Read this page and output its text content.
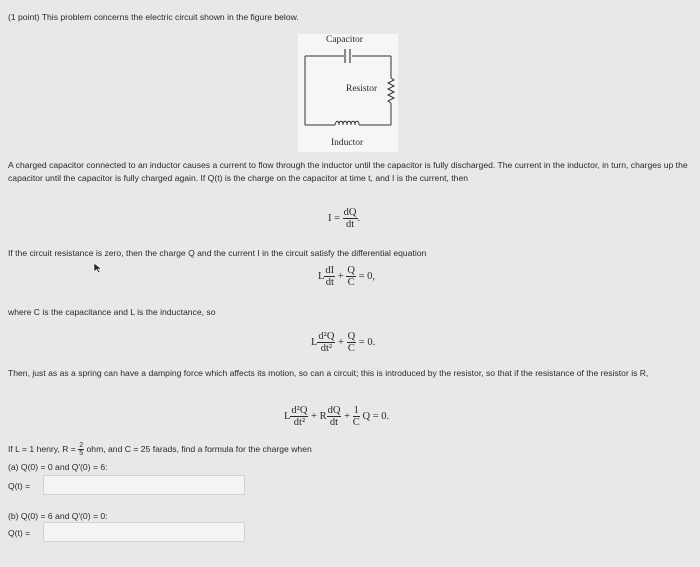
(1 point) This problem concerns the electric circuit shown in the figure below.
Capacitor
Resistor
Inductor
A charged capacitor connected to an inductor causes a current to flow through the inductor until the capacitor is fully discharged. The current in the inductor, in turn, charges up the capacitor until the capacitor is fully charged again. If Q(t) is the charge on the capacitor at time t, and I is the current, then
$I = \frac{dQ}{dt}$ .
If the circuit resistance is zero, then the charge Q and the current I in the circuit satisfy the differential equation
L $\frac{dI}{dt} + \frac{Q}{C} = 0$,
where C is the capacitance and L is the inductance, so
L $\frac{\text{d²Q}}{\text{dt²}} + \frac{Q}{C} = 0$.
Then, just as as a spring can have a damping force which affects its motion, so can a circuit; this is introduced by the resistor, so that if the resistance of the resistor is R,
L $\frac{\text{d²Q}}{\text{dt²}} + R \frac{dQ}{dt} + \frac{1}{C}$ Q = 0.
If L = 1 henry, $R = \frac{2}{5}$ ohm, and C = 25 farads, find a formula for the charge when
(a) Q(0) = 0 and Q′(0) = 6:
Q(t) =
(b) Q(0) = 6 and Q′(0) = 0:
Q(t) =
